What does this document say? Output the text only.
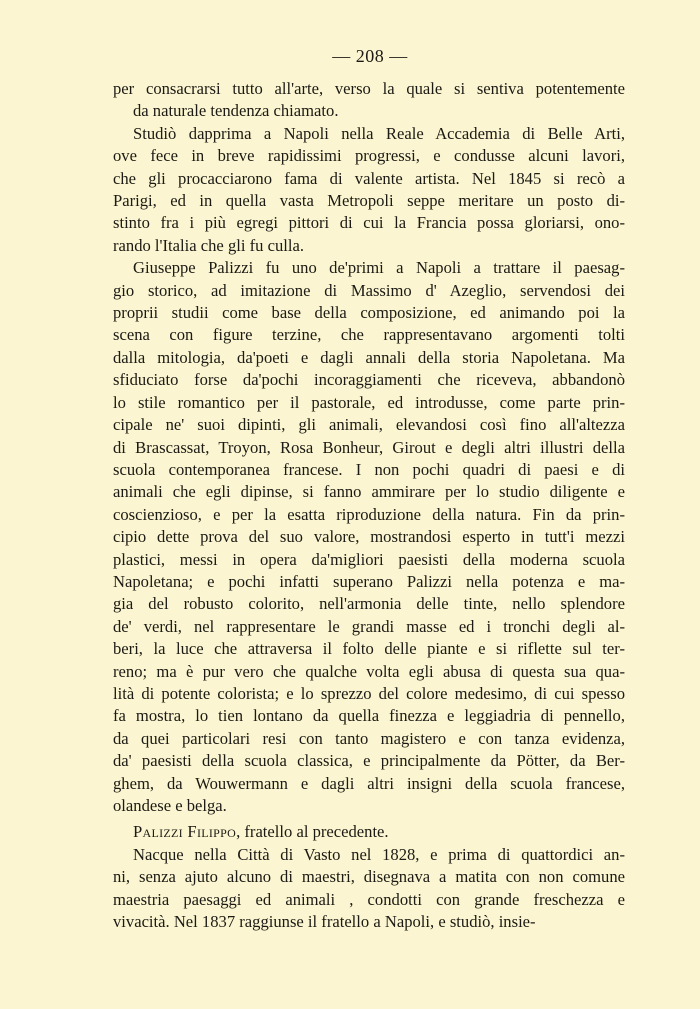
— 208 —

per consacrarsi tutto all'arte, verso la quale si sentiva potentemente
da naturale tendenza chiamato.

Studiò dapprima a Napoli nella Reale Accademia di Belle Arti,
ove fece in breve rapidissimi progressi, e condusse alcuni lavori,
che gli procacciarono fama di valente artista. Nel 1845 si recò a
Parigi, ed in quella vasta Metropoli seppe meritare un posto di-
stinto fra i più egregi pittori di cui la Francia possa gloriarsi, ono-
rando l'Italia che gli fu culla.

Giuseppe Palizzi fu uno de'primi a Napoli a trattare il paesag-
gio storico, ad imitazione di Massimo d' Azeglio, servendosi dei
proprii studii come base della composizione, ed animando poi la
scena con figure terzine, che rappresentavano argomenti tolti
dalla mitologia, da'poeti e dagli annali della storia Napoletana. Ma
sfiduciato forse da'pochi incoraggiamenti che riceveva, abbandonò
lo stile romantico per il pastorale, ed introdusse, come parte prin-
cipale ne' suoi dipinti, gli animali, elevandosi così fino all'altezza
di Brascassat, Troyon, Rosa Bonheur, Girout e degli altri illustri della
scuola contemporanea francese. I non pochi quadri di paesi e di
animali che egli dipinse, si fanno ammirare per lo studio diligente e
coscienzioso, e per la esatta riproduzione della natura. Fin da prin-
cipio dette prova del suo valore, mostrandosi esperto in tutt'i mezzi
plastici, messi in opera da'migliori paesisti della moderna scuola
Napoletana; e pochi infatti superano Palizzi nella potenza e ma-
gia del robusto colorito, nell'armonia delle tinte, nello splendore
de' verdi, nel rappresentare le grandi masse ed i tronchi degli al-
beri, la luce che attraversa il folto delle piante e si riflette sul ter-
reno; ma è pur vero che qualche volta egli abusa di questa sua qua-
lità di potente colorista; e lo sprezzo del colore medesimo, di cui spesso
fa mostra, lo tien lontano da quella finezza e leggiadria di pennello,
da quei particolari resi con tanto magistero e con tanza evidenza,
da' paesisti della scuola classica, e principalmente da Pötter, da Ber-
ghem, da Wouwermann e dagli altri insigni della scuola francese,
olandese e belga.

Palizzi Filippo, fratello al precedente.

Nacque nella Città di Vasto nel 1828, e prima di quattordici an-
ni, senza ajuto alcuno di maestri, disegnava a matita con non comune
maestria paesaggi ed animali , condotti con grande freschezza e
vivacità. Nel 1837 raggiunse il fratello a Napoli, e studiò, insie-
